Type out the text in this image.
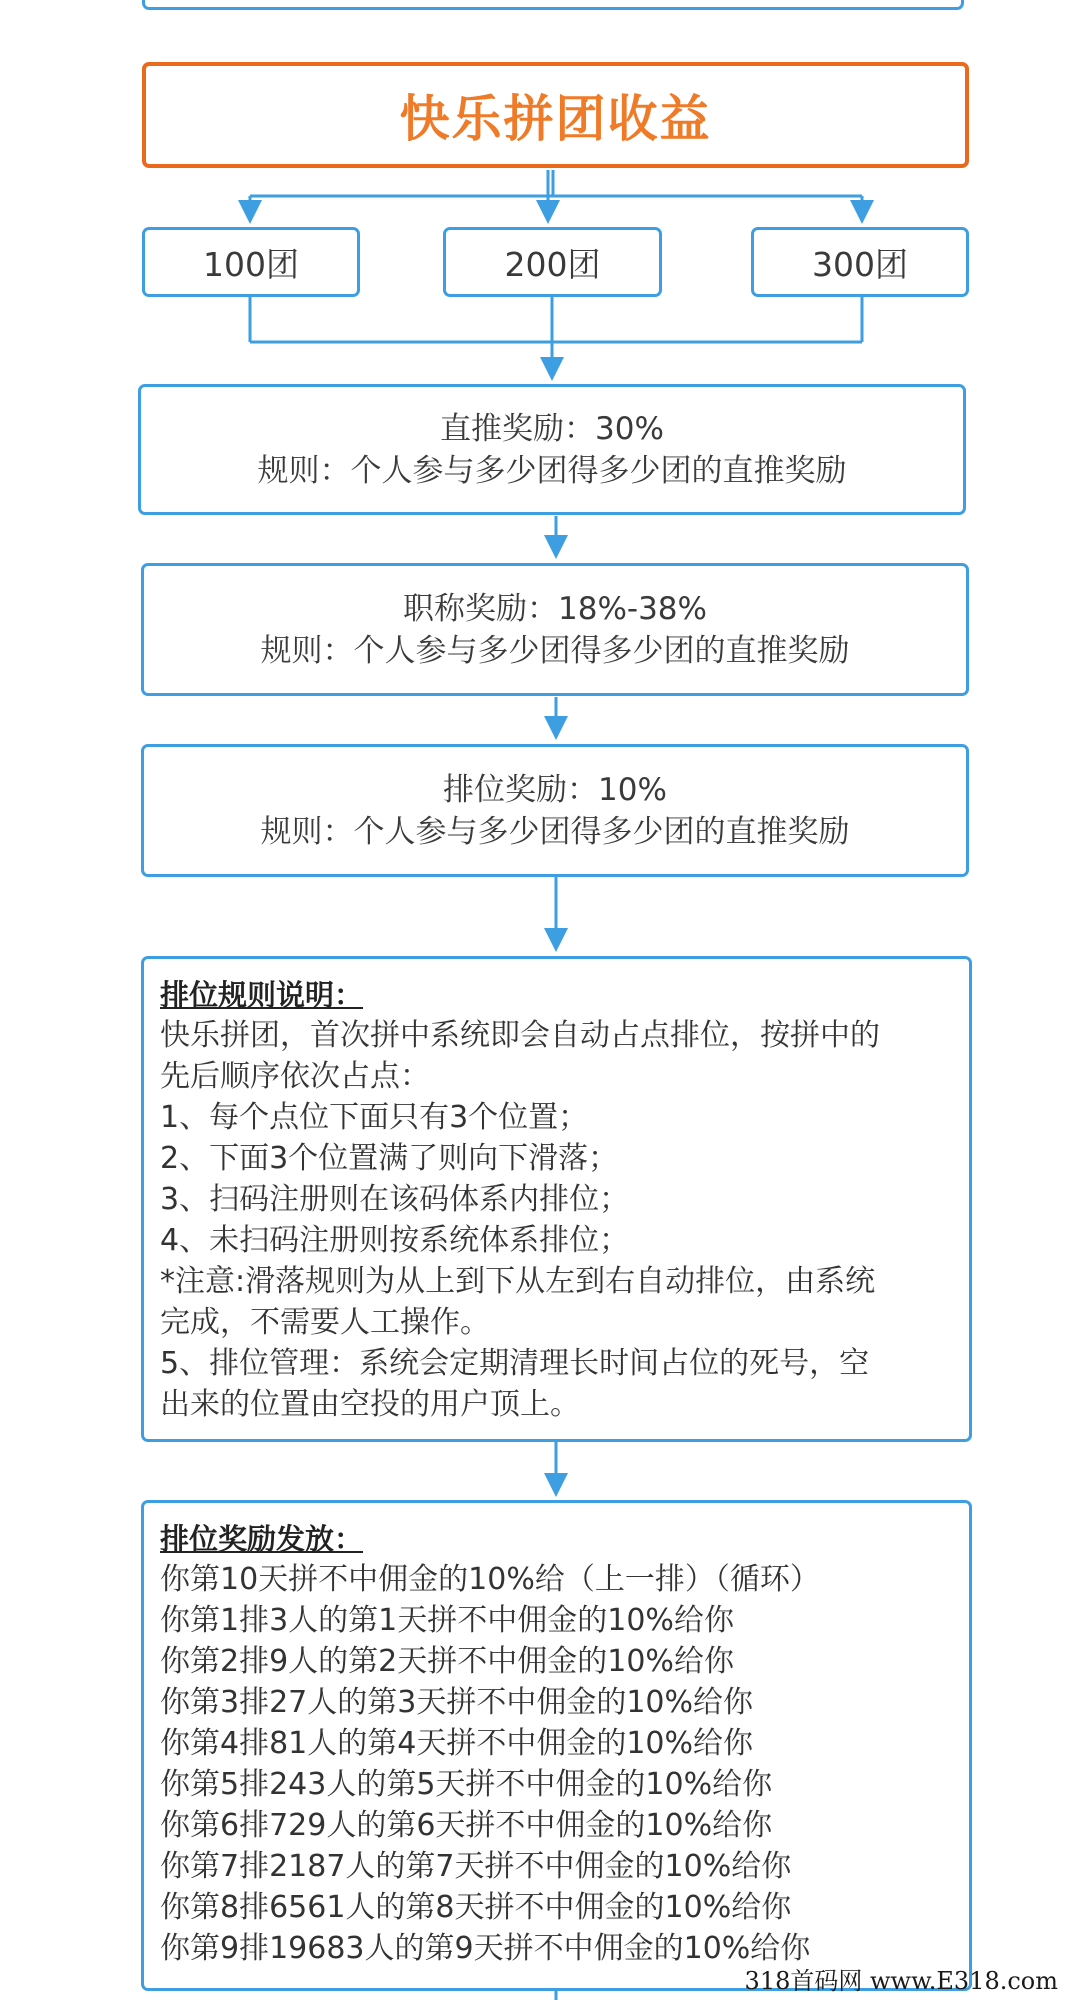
快乐拼团收益
100团	200团	300团
直推奖励：30%
规则：个人参与多少团得多少团的直推奖励
职称奖励：18%-38%
规则：个人参与多少团得多少团的直推奖励
排位奖励：10%
规则：个人参与多少团得多少团的直推奖励
排位规则说明：
快乐拼团，首次拼中系统即会自动占点排位，按拼中的
先后顺序依次占点：
1、每个点位下面只有3个位置；
2、下面3个位置满了则向下滑落；
3、扫码注册则在该码体系内排位；
4、未扫码注册则按系统体系排位；
*注意:滑落规则为从上到下从左到右自动排位，由系统
完成，不需要人工操作。
5、排位管理：系统会定期清理长时间占位的死号，空
出来的位置由空投的用户顶上。
排位奖励发放：
你第10天拼不中佣金的10%给（上一排）（循环）
你第1排3人的第1天拼不中佣金的10%给你
你第2排9人的第2天拼不中佣金的10%给你
你第3排27人的第3天拼不中佣金的10%给你
你第4排81人的第4天拼不中佣金的10%给你
你第5排243人的第5天拼不中佣金的10%给你
你第6排729人的第6天拼不中佣金的10%给你
你第7排2187人的第7天拼不中佣金的10%给你
你第8排6561人的第8天拼不中佣金的10%给你
你第9排19683人的第9天拼不中佣金的10%给你
318首码网 www.E318.com
